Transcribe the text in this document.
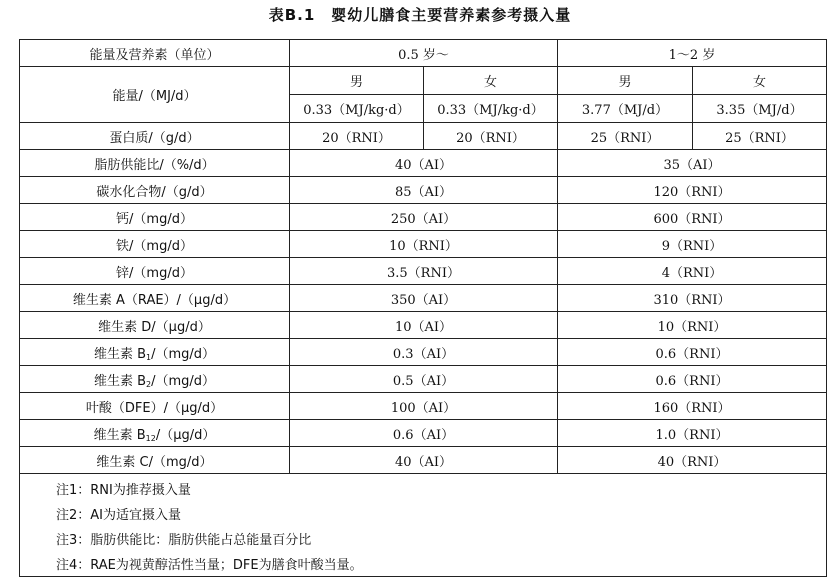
表B.1　婴幼儿膳食主要营养素参考摄入量
能量及营养素（单位）	0.5 岁～		1～2 岁	
能量/（MJ/d）	男	女	男	女
	0.33（MJ/kg·d）	0.33（MJ/kg·d）	3.77（MJ/d）	3.35（MJ/d）
蛋白质/（g/d）	20（RNI）	20（RNI）	25（RNI）	25（RNI）
脂肪供能比/（%/d）	40（AI）		35（AI）	
碳水化合物/（g/d）	85（AI）		120（RNI）	
钙/（mg/d）	250（AI）		600（RNI）	
铁/（mg/d）	10（RNI）		9（RNI）	
锌/（mg/d）	3.5（RNI）		4（RNI）	
维生素 A（RAE）/（μg/d）	350（AI）		310（RNI）	
维生素 D/（μg/d）	10（AI）		10（RNI）	
维生素 $B_1/(mg/d)$	0.3（AI）		0.6（RNI）	
维生素 $B_2/(mg/d)$	0.5（AI）		0.6（RNI）	
叶酸（DFE）/（μg/d）	100（AI）		160（RNI）	
维生素 $B_{12}/(\mu g/d)$	0.6（AI）		1.0（RNI）	
维生素 C/（mg/d）	40（AI）		40（RNI）	
注1：RNI为推荐摄入量				
注2：AI为适宜摄入量				
注3：脂肪供能比：脂肪供能占总能量百分比				
注4：RAE为视黄醇活性当量；DFE为膳食叶酸当量。				
